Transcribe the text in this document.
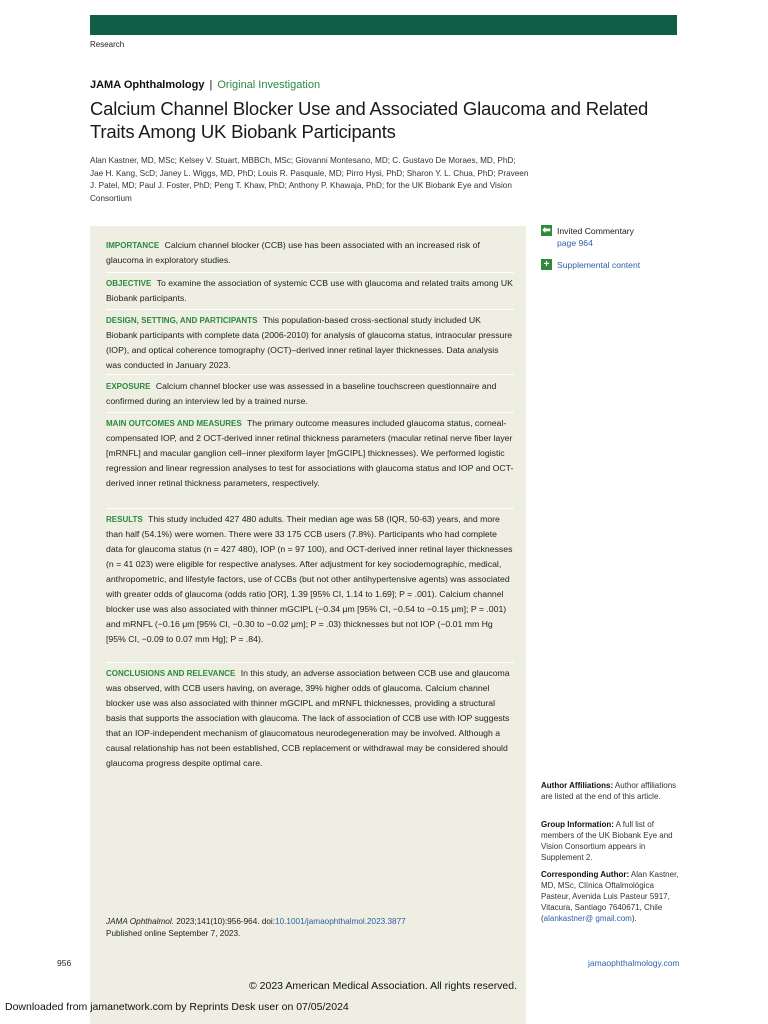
Research
JAMA Ophthalmology | Original Investigation
Calcium Channel Blocker Use and Associated Glaucoma and Related Traits Among UK Biobank Participants
Alan Kastner, MD, MSc; Kelsey V. Stuart, MBBCh, MSc; Giovanni Montesano, MD; C. Gustavo De Moraes, MD, PhD; Jae H. Kang, ScD; Janey L. Wiggs, MD, PhD; Louis R. Pasquale, MD; Pirro Hysi, PhD; Sharon Y. L. Chua, PhD; Praveen J. Patel, MD; Paul J. Foster, PhD; Peng T. Khaw, PhD; Anthony P. Khawaja, PhD; for the UK Biobank Eye and Vision Consortium
IMPORTANCE Calcium channel blocker (CCB) use has been associated with an increased risk of glaucoma in exploratory studies.
OBJECTIVE To examine the association of systemic CCB use with glaucoma and related traits among UK Biobank participants.
DESIGN, SETTING, AND PARTICIPANTS This population-based cross-sectional study included UK Biobank participants with complete data (2006-2010) for analysis of glaucoma status, intraocular pressure (IOP), and optical coherence tomography (OCT)–derived inner retinal layer thicknesses. Data analysis was conducted in January 2023.
EXPOSURE Calcium channel blocker use was assessed in a baseline touchscreen questionnaire and confirmed during an interview led by a trained nurse.
MAIN OUTCOMES AND MEASURES The primary outcome measures included glaucoma status, corneal-compensated IOP, and 2 OCT-derived inner retinal thickness parameters (macular retinal nerve fiber layer [mRNFL] and macular ganglion cell–inner plexiform layer [mGCIPL] thicknesses). We performed logistic regression and linear regression analyses to test for associations with glaucoma status and IOP and OCT-derived inner retinal thickness parameters, respectively.
RESULTS This study included 427 480 adults. Their median age was 58 (IQR, 50-63) years, and more than half (54.1%) were women. There were 33 175 CCB users (7.8%). Participants who had complete data for glaucoma status (n = 427 480), IOP (n = 97 100), and OCT-derived inner retinal layer thicknesses (n = 41 023) were eligible for respective analyses. After adjustment for key sociodemographic, medical, anthropometric, and lifestyle factors, use of CCBs (but not other antihypertensive agents) was associated with greater odds of glaucoma (odds ratio [OR], 1.39 [95% CI, 1.14 to 1.69]; P = .001). Calcium channel blocker use was also associated with thinner mGCIPL (−0.34 μm [95% CI, −0.54 to −0.15 μm]; P = .001) and mRNFL (−0.16 μm [95% CI, −0.30 to −0.02 μm]; P = .03) thicknesses but not IOP (−0.01 mm Hg [95% CI, −0.09 to 0.07 mm Hg]; P = .84).
CONCLUSIONS AND RELEVANCE In this study, an adverse association between CCB use and glaucoma was observed, with CCB users having, on average, 39% higher odds of glaucoma. Calcium channel blocker use was also associated with thinner mGCIPL and mRNFL thicknesses, providing a structural basis that supports the association with glaucoma. The lack of association of CCB use with IOP suggests that an IOP-independent mechanism of glaucomatous neurodegeneration may be involved. Although a causal relationship has not been established, CCB replacement or withdrawal may be considered should glaucoma progress despite optimal care.
JAMA Ophthalmol. 2023;141(10):956-964. doi:10.1001/jamaophthalmol.2023.3877
Published online September 7, 2023.
⬅ Invited Commentary
page 964
+ Supplemental content
Author Affiliations: Author affiliations are listed at the end of this article.
Group Information: A full list of members of the UK Biobank Eye and Vision Consortium appears in Supplement 2.
Corresponding Author: Alan Kastner, MD, MSc, Clínica Oftalmológica Pasteur, Avenida Luis Pasteur 5917, Vitacura, Santiago 7640671, Chile (alankastner@ gmail.com).
956	jamaophthalmology.com
© 2023 American Medical Association. All rights reserved.
Downloaded from jamanetwork.com by Reprints Desk user on 07/05/2024
